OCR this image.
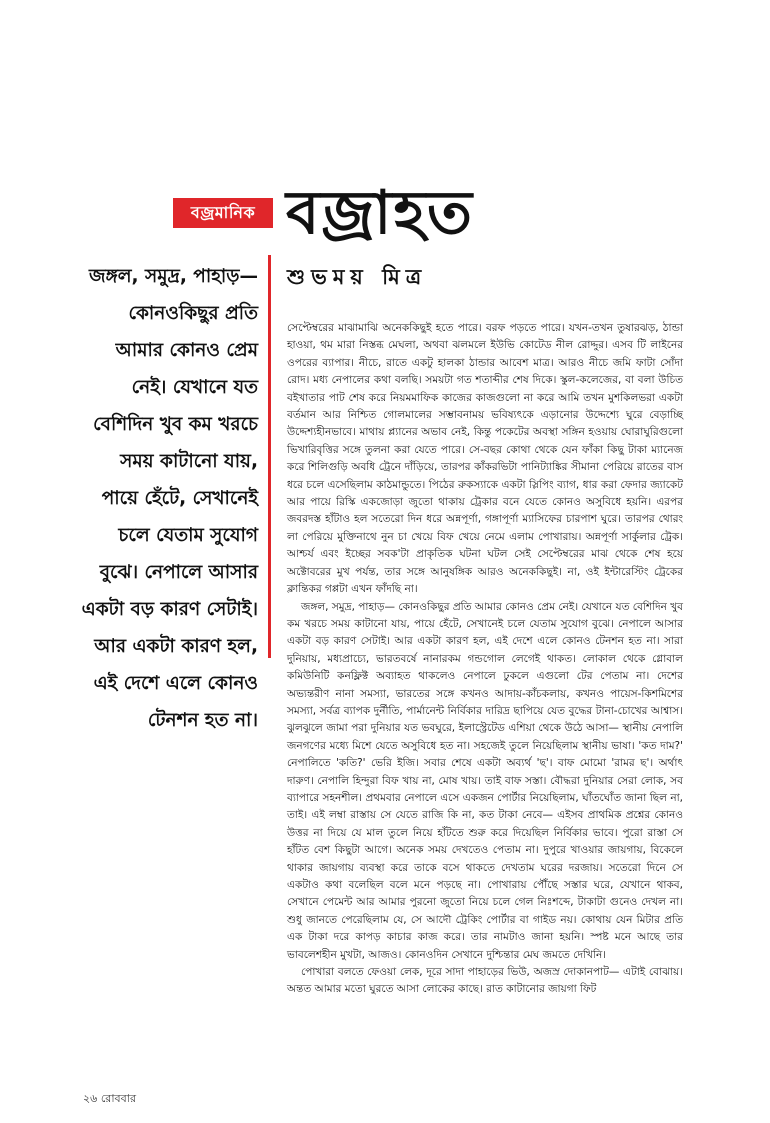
বজ্রমানিক বজ্রাহত
শুভময় মিত্র
জঙ্গল, সমুদ্র, পাহাড়— কোনওকিছুর প্রতি আমার কোনও প্রেম নেই। যেখানে যত বেশিদিন খুব কম খরচে সময় কাটানো যায়, পায়ে হেঁটে, সেখানেই চলে যেতাম সুযোগ বুঝে। নেপালে আসার একটা বড় কারণ সেটাই। আর একটা কারণ হল, এই দেশে এলে কোনও টেনশন হত না।

সেপ্টেম্বরের মাঝামাঝি অনেককিছুই হতে পারে। বরফ পড়তে পারে। যখন-তখন তুষারঝড়, ঠান্ডা হাওয়া, থম মারা নিস্তব্ধ মেঘলা, অথবা ঝলমলে ইউভি কোটেড নীল রোদ্দুর। এসব টি লাইনের ওপরের ব্যাপার। নীচে, রাতে একটু হালকা ঠান্ডার আবেশ মাত্র। আরও নীচে জমি ফাটা সোঁদা রোদ। মধ্য নেপালের কথা বলছি। সময়টা গত শতাব্দীর শেষ দিকে। স্কুল-কলেজের, বা বলা উচিত বইখাতার পাট শেষ করে নিয়মমাফিক কাজের কাজগুলো না করে আমি তখন মুশকিলভরা একটা বর্তমান আর নিশ্চিত গোলমালের সম্ভাবনাময় ভবিষ্যৎকে এড়ানোর উদ্দেশ্যে ঘুরে বেড়াচ্ছি উদ্দেশ্যহীনভাবে। মাথায় প্ল্যানের অভাব নেই, কিন্তু পকেটের অবস্থা সঙ্গিন হওয়ায় ঘোরাঘুরিগুলো ভিখারিবৃত্তির সঙ্গে তুলনা করা যেতে পারে। সে-বছর কোথা থেকে যেন ফাঁকা কিছু টাকা ম্যানেজ করে শিলিগুড়ি অবধি ট্রেনে দাঁড়িয়ে, তারপর কাঁকরভিটা পানিট্যাঙ্কির সীমানা পেরিয়ে রাতের বাস ধরে চলে এসেছিলাম কাঠমান্ডুতে। পিঠের রুকস্যাকে একটা স্লিপিং ব্যাগ, ধার করা ফেদার জ্যাকেট আর পায়ে রিস্কি একজোড়া জুতো থাকায় ট্রেকার বনে যেতে কোনও অসুবিধে হয়নি। এরপর জবরদস্ত হাঁটাও হল সতেরো দিন ধরে অন্নপূর্ণা, গঙ্গাপূর্ণা ম্যাসিফের চারপাশ ঘুরে। তারপর থোরং লা পেরিয়ে মুক্তিনাথে নুন চা খেয়ে বিফ খেয়ে নেমে এলাম পোখারায়। অন্নপূর্ণা সার্কুলার ট্রেক। আশ্চর্য এবং ইচ্ছের সবক'টা প্রাকৃতিক ঘটনা ঘটল সেই সেপ্টেম্বরের মাঝ থেকে শেষ হয়ে অক্টোবরের মুখ পর্যন্ত, তার সঙ্গে আনুষঙ্গিক আরও অনেককিছুই। না, ওই ইন্টারেস্টিং ট্রেকের ক্লান্তিকর গপ্পটা এখন ফাঁদছি না।

জঙ্গল, সমুদ্র, পাহাড়— কোনওকিছুর প্রতি আমার কোনও প্রেম নেই। যেখানে যত বেশিদিন খুব কম খরচে সময় কাটানো যায়, পায়ে হেঁটে, সেখানেই চলে যেতাম সুযোগ বুঝে। নেপালে আসার একটা বড় কারণ সেটাই। আর একটা কারণ হল, এই দেশে এলে কোনও টেনশন হত না। সারা দুনিয়ায়, মধ্যপ্রাচ্যে, ভারতবর্ষে নানারকম গন্ডগোল লেগেই থাকত। লোকাল থেকে গ্লোবাল কমিউনিটি কনফ্লিক্ট অব্যাহত থাকলেও নেপালে ঢুকলে এগুলো টের পেতাম না। দেশের অভ্যন্তরীণ নানা সমস্যা, ভারতের সঙ্গে কখনও আদায়-কাঁচকলায়, কখনও পায়েস-কিশমিশের সমস্যা, সর্বত্র ব্যাপক দুর্নীতি, পার্মানেন্ট নির্বিকার দারিদ্র ছাপিয়ে যেত বুদ্ধের টানা-চোখের আশ্বাস। ঝুলঝুলে জামা পরা দুনিয়ার যত ভবঘুরে, ইলাস্ট্রেটেড এশিয়া থেকে উঠে আসা— স্থানীয় নেপালি জনগণের মধ্যে মিশে যেতে অসুবিধে হত না। সহজেই তুলে নিয়েছিলাম স্থানীয় ভাষা। 'কত দাম?' নেপালিতে 'কতি?' ভেরি ইজি। সবার শেষে একটা অব্যর্থ 'ছ'। বাফ মোমো 'রামর ছ'। অর্থাৎ দারুণ। নেপালি হিন্দুরা বিফ খায় না, মোষ খায়। তাই বাফ সস্তা। বৌদ্ধরা দুনিয়ার সেরা লোক, সব ব্যাপারে সহনশীল। প্রথমবার নেপালে এসে একজন পোর্টার নিয়েছিলাম, ঘাঁতঘোঁত জানা ছিল না, তাই। এই লম্বা রাস্তায় সে যেতে রাজি কি না, কত টাকা নেবে— এইসব প্রাথমিক প্রশ্নের কোনও উত্তর না দিয়ে যে মাল তুলে নিয়ে হাঁটতে শুরু করে দিয়েছিল নির্বিকার ভাবে। পুরো রাস্তা সে হাঁটত বেশ কিছুটা আগে। অনেক সময় দেখতেও পেতাম না। দুপুরে খাওয়ার জায়গায়, বিকেলে থাকার জায়গায় ব্যবস্থা করে তাকে বসে থাকতে দেখতাম ঘরের দরজায়। সতেরো দিনে সে একটাও কথা বলেছিল বলে মনে পড়ছে না। পোখারায় পৌঁছে সস্তার ঘরে, যেখানে থাকব, সেখানে পেমেন্ট আর আমার পুরনো জুতো নিয়ে চলে গেল নিঃশব্দে, টাকাটা গুনেও দেখল না। শুধু জানতে পেরেছিলাম যে, সে আদৌ ট্রেকিং পোর্টার বা গাইড নয়। কোথায় যেন মিটার প্রতি এক টাকা দরে কাপড় কাচার কাজ করে। তার নামটাও জানা হয়নি। স্পষ্ট মনে আছে তার ভাবলেশহীন মুখটা, আজও। কোনওদিন সেখানে দুশ্চিন্তার মেঘ জমতে দেখিনি।

পোখারা বলতে ফেওয়া লেক, দূরে সাদা পাহাড়ের ভিউ, অজস্র দোকানপাট— এটাই বোঝায়। অন্তত আমার মতো ঘুরতে আসা লোকের কাছে। রাত কাটানোর জায়গা ফিট

২৬ রোববার
